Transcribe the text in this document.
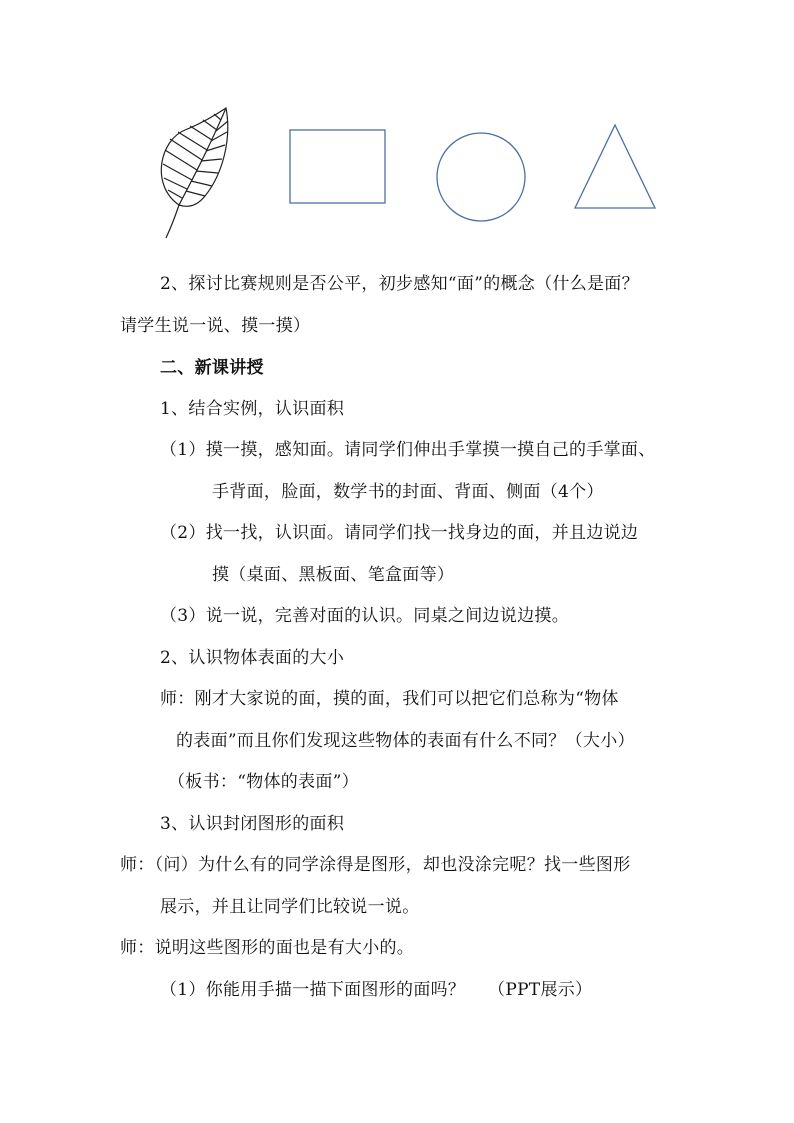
2、探讨比赛规则是否公平，初步感知“面”的概念（什么是面？
请学生说一说、摸一摸）
二、新课讲授
1、结合实例，认识面积
（1）摸一摸，感知面。请同学们伸出手掌摸一摸自己的手掌面、
手背面，脸面，数学书的封面、背面、侧面（4个）
（2）找一找，认识面。请同学们找一找身边的面，并且边说边
摸（桌面、黑板面、笔盒面等）
（3）说一说，完善对面的认识。同桌之间边说边摸。
2、认识物体表面的大小
师：刚才大家说的面，摸的面，我们可以把它们总称为“物体
的表面”而且你们发现这些物体的表面有什么不同？（大小）
（板书：“物体的表面”）
3、认识封闭图形的面积
师：（问）为什么有的同学涂得是图形，却也没涂完呢？找一些图形
展示，并且让同学们比较说一说。
师：说明这些图形的面也是有大小的。
（1）你能用手描一描下面图形的面吗？    （PPT展示）
